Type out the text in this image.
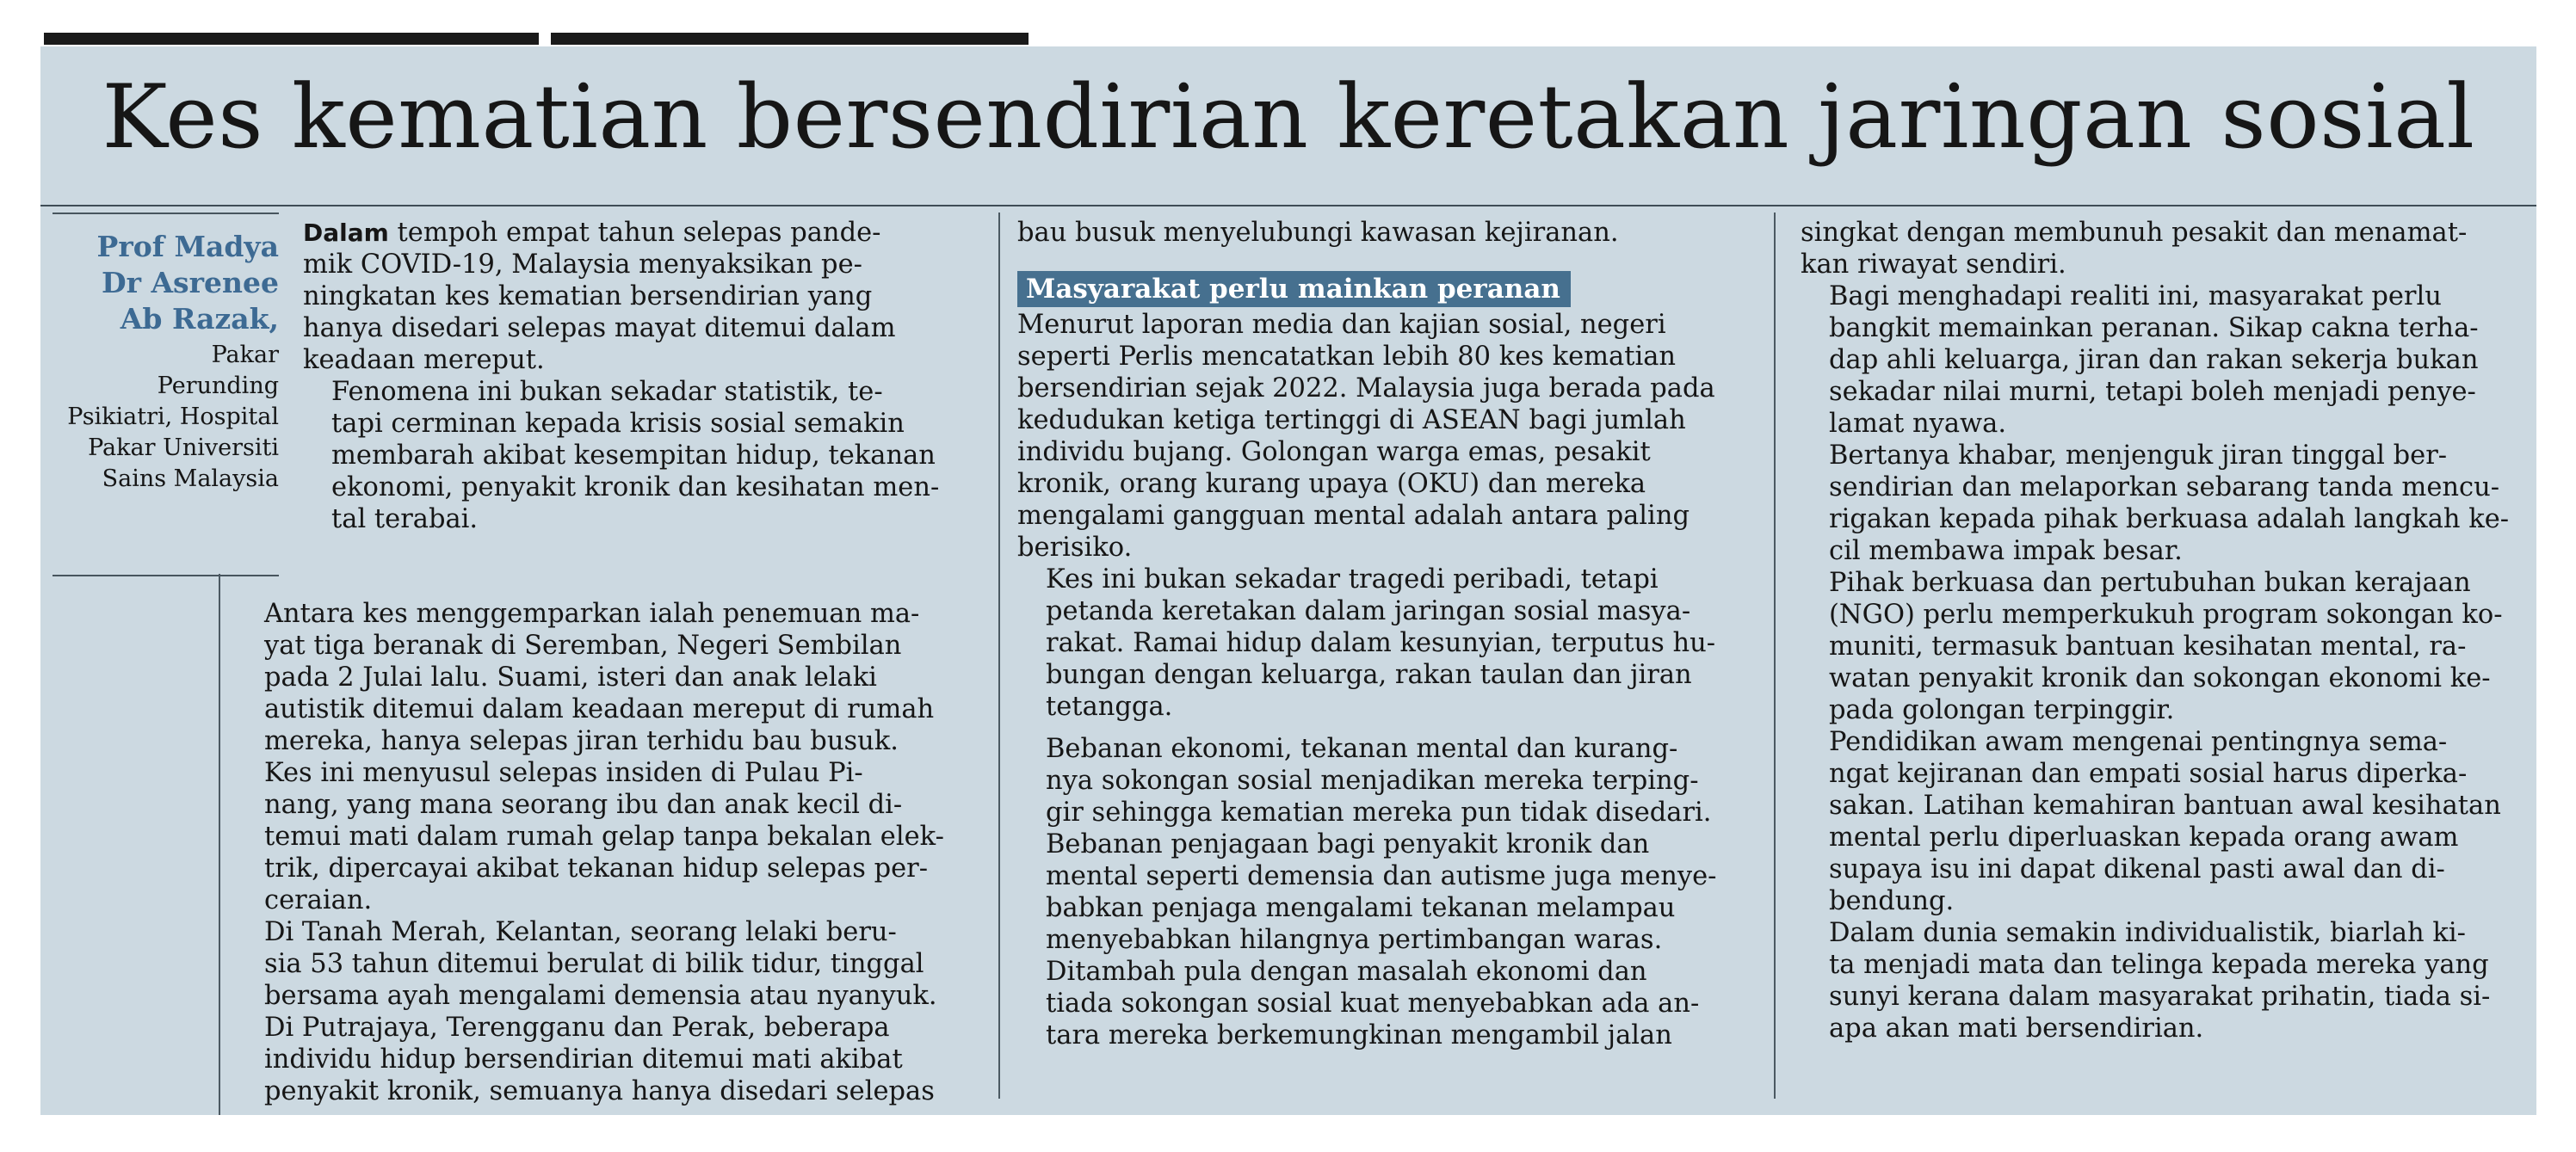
Kes kematian bersendirian keretakan jaringan sosial
Prof Madya
Dr Asrenee
Ab Razak,
Pakar
Perunding
Psikiatri, Hospital
Pakar Universiti
Sains Malaysia

Dalam tempoh empat tahun selepas pande-
mik COVID-19, Malaysia menyaksikan pe-
ningkatan kes kematian bersendirian yang
hanya disedari selepas mayat ditemui dalam
keadaan mereput.

Fenomena ini bukan sekadar statistik, te-
tapi cerminan kepada krisis sosial semakin
membarah akibat kesempitan hidup, tekanan
ekonomi, penyakit kronik dan kesihatan men-
tal terabai.

Antara kes menggemparkan ialah penemuan ma-
yat tiga beranak di Seremban, Negeri Sembilan
pada 2 Julai lalu. Suami, isteri dan anak lelaki
autistik ditemui dalam keadaan mereput di rumah
mereka, hanya selepas jiran terhidu bau busuk.

Kes ini menyusul selepas insiden di Pulau Pi-
nang, yang mana seorang ibu dan anak kecil di-
temui mati dalam rumah gelap tanpa bekalan elek-
trik, dipercayai akibat tekanan hidup selepas per-
ceraian.

Di Tanah Merah, Kelantan, seorang lelaki beru-
sia 53 tahun ditemui berulat di bilik tidur, tinggal
bersama ayah mengalami demensia atau nyanyuk.

Di Putrajaya, Terengganu dan Perak, beberapa
individu hidup bersendirian ditemui mati akibat
penyakit kronik, semuanya hanya disedari selepas

bau busuk menyelubungi kawasan kejiranan.

Masyarakat perlu mainkan peranan

Menurut laporan media dan kajian sosial, negeri
seperti Perlis mencatatkan lebih 80 kes kematian
bersendirian sejak 2022. Malaysia juga berada pada
kedudukan ketiga tertinggi di ASEAN bagi jumlah
individu bujang. Golongan warga emas, pesakit
kronik, orang kurang upaya (OKU) dan mereka
mengalami gangguan mental adalah antara paling
berisiko.

Kes ini bukan sekadar tragedi peribadi, tetapi
petanda keretakan dalam jaringan sosial masya-
rakat. Ramai hidup dalam kesunyian, terputus hu-
bungan dengan keluarga, rakan taulan dan jiran
tetangga.

Bebanan ekonomi, tekanan mental dan kurang-
nya sokongan sosial menjadikan mereka terping-
gir sehingga kematian mereka pun tidak disedari.

Bebanan penjagaan bagi penyakit kronik dan
mental seperti demensia dan autisme juga menye-
babkan penjaga mengalami tekanan melampau
menyebabkan hilangnya pertimbangan waras.

Ditambah pula dengan masalah ekonomi dan
tiada sokongan sosial kuat menyebabkan ada an-
tara mereka berkemungkinan mengambil jalan

singkat dengan membunuh pesakit dan menamat-
kan riwayat sendiri.

Bagi menghadapi realiti ini, masyarakat perlu
bangkit memainkan peranan. Sikap cakna terha-
dap ahli keluarga, jiran dan rakan sekerja bukan
sekadar nilai murni, tetapi boleh menjadi penye-
lamat nyawa.

Bertanya khabar, menjenguk jiran tinggal ber-
sendirian dan melaporkan sebarang tanda mencu-
rigakan kepada pihak berkuasa adalah langkah ke-
cil membawa impak besar.

Pihak berkuasa dan pertubuhan bukan kerajaan
(NGO) perlu memperkukuh program sokongan ko-
muniti, termasuk bantuan kesihatan mental, ra-
watan penyakit kronik dan sokongan ekonomi ke-
pada golongan terpinggir.

Pendidikan awam mengenai pentingnya sema-
ngat kejiranan dan empati sosial harus diperka-
sakan. Latihan kemahiran bantuan awal kesihatan
mental perlu diperluaskan kepada orang awam
supaya isu ini dapat dikenal pasti awal dan di-
bendung.

Dalam dunia semakin individualistik, biarlah ki-
ta menjadi mata dan telinga kepada mereka yang
sunyi kerana dalam masyarakat prihatin, tiada si-
apa akan mati bersendirian.
